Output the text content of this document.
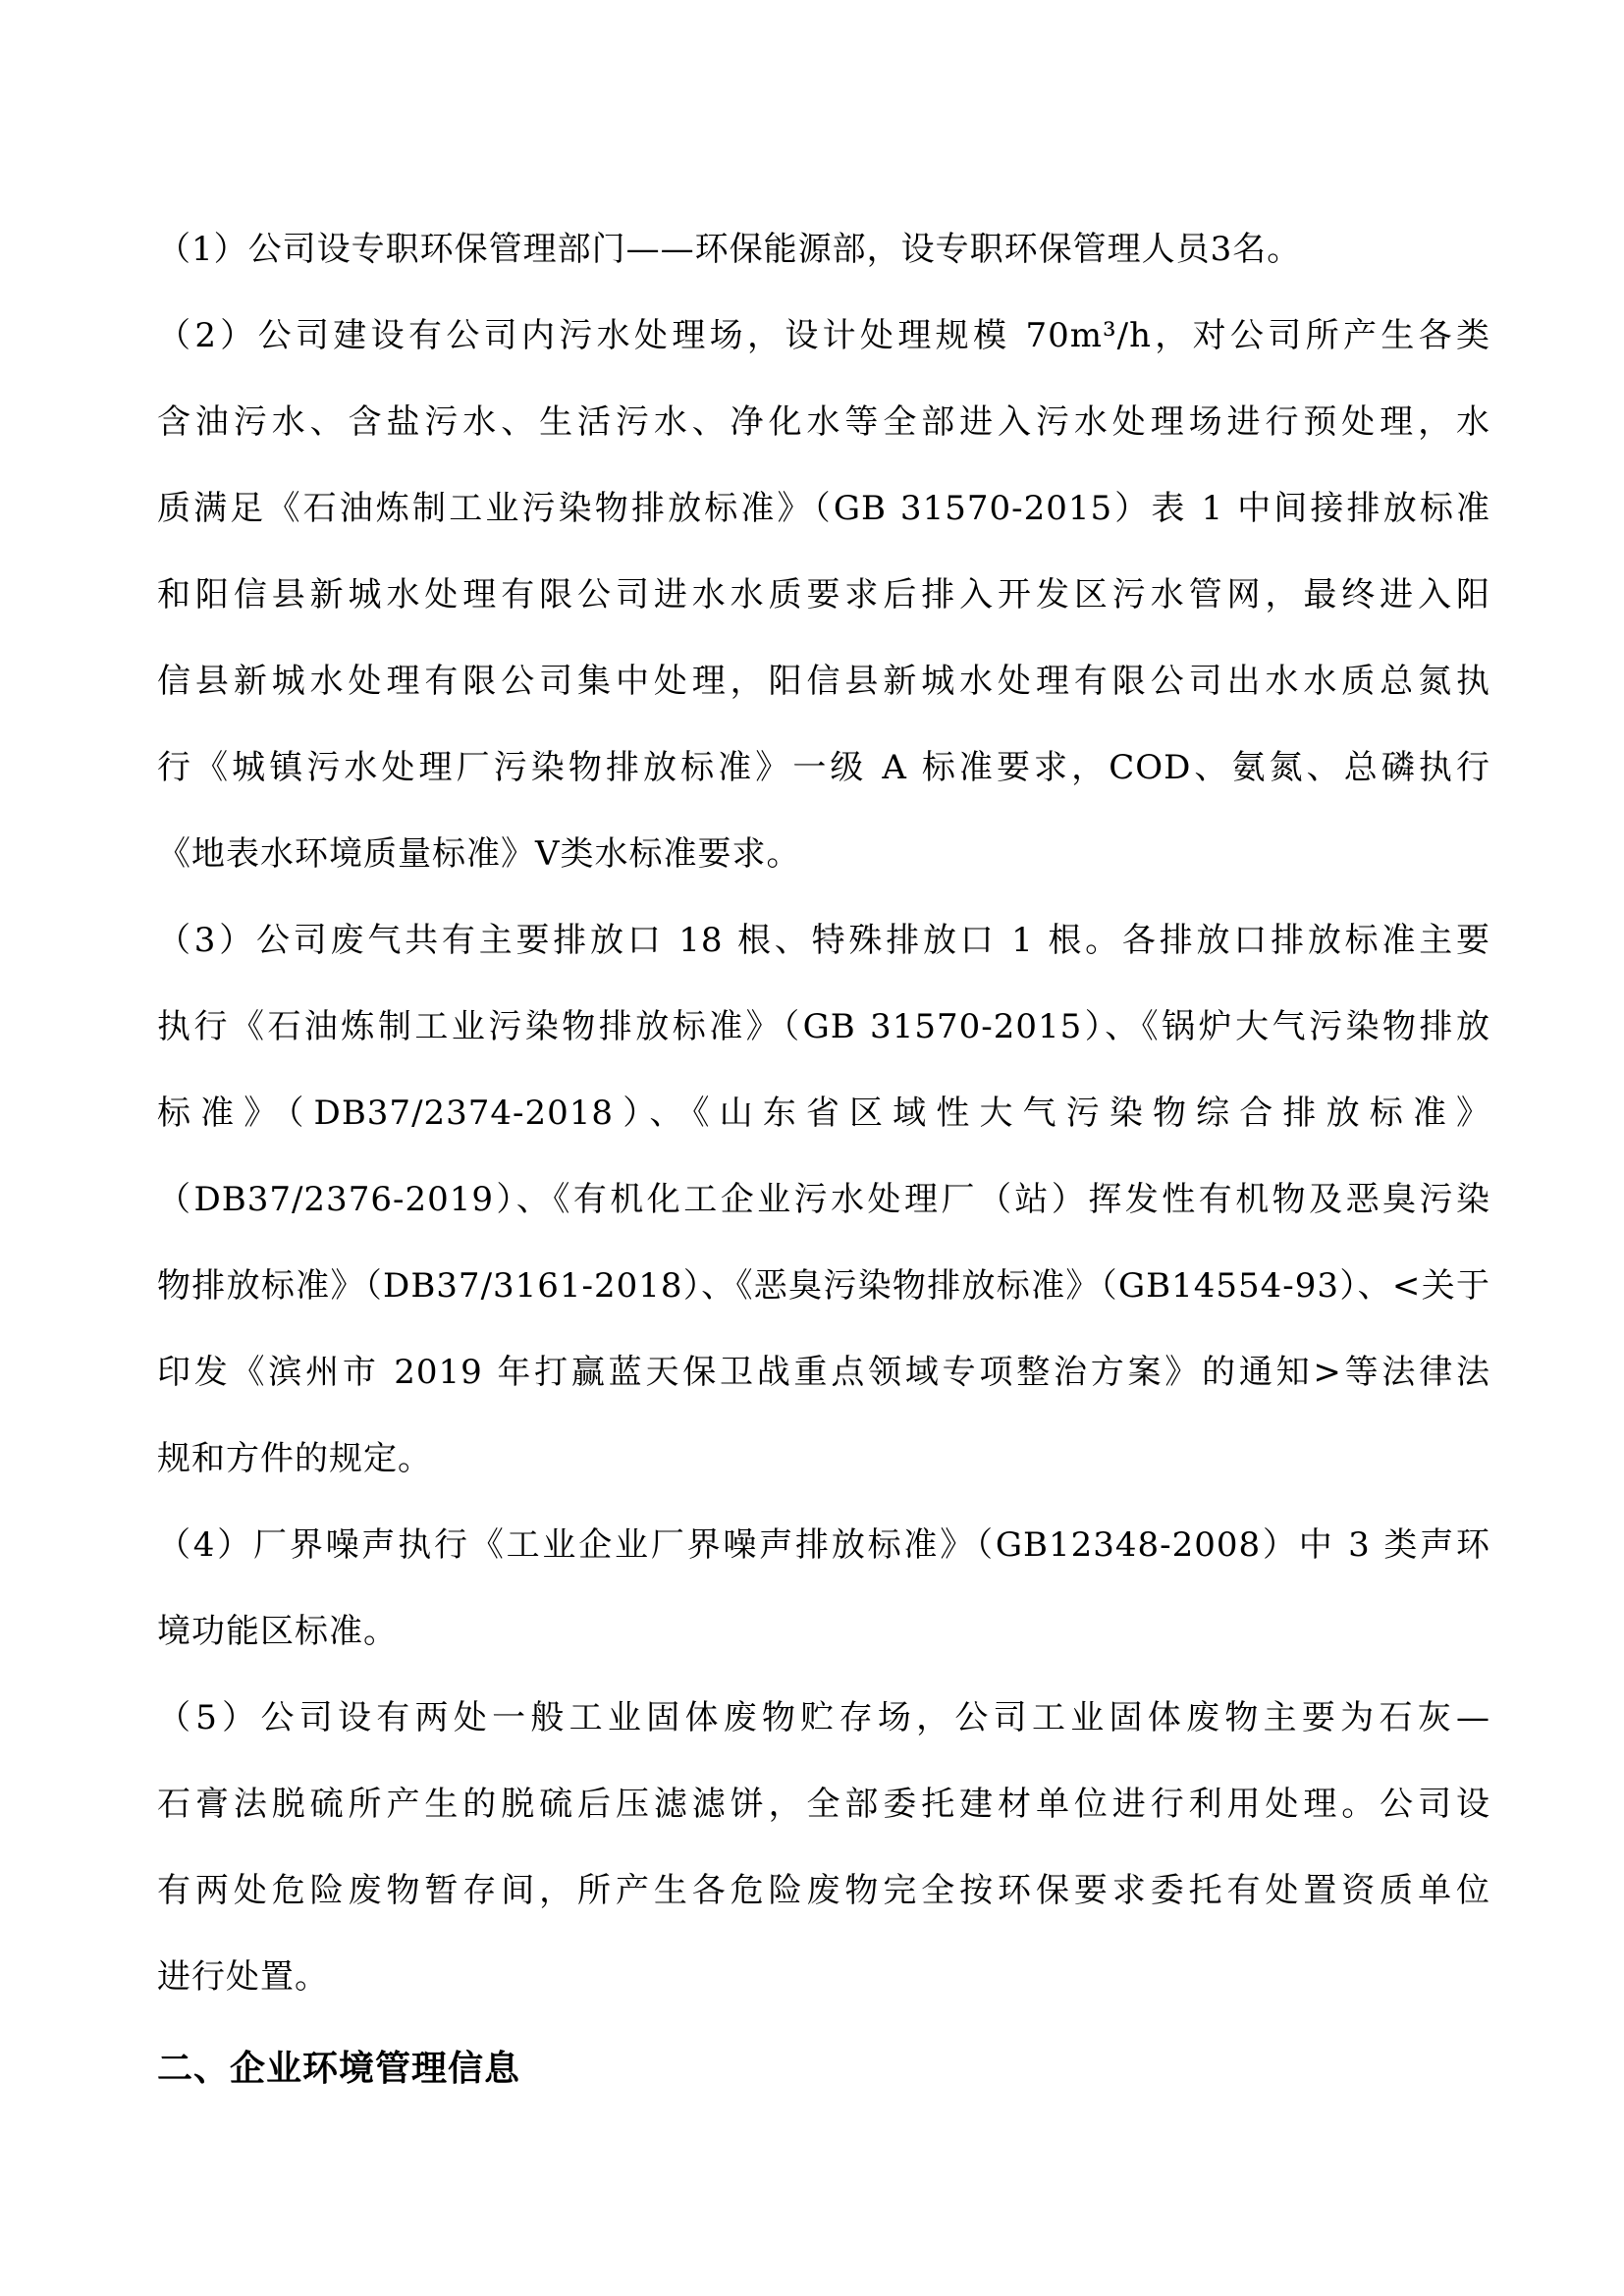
（1）公司设专职环保管理部门——环保能源部，设专职环保管理人员3名。
（2）公司建设有公司内污水处理场，设计处理规模 70m³/h，对公司所产生各类
含油污水、含盐污水、生活污水、净化水等全部进入污水处理场进行预处理，水
质满足《石油炼制工业污染物排放标准》（GB 31570-2015）表 1 中间接排放标准
和阳信县新城水处理有限公司进水水质要求后排入开发区污水管网，最终进入阳
信县新城水处理有限公司集中处理，阳信县新城水处理有限公司出水水质总氮执
行《城镇污水处理厂污染物排放标准》一级 A 标准要求，COD、氨氮、总磷执行
《地表水环境质量标准》Ⅴ类水标准要求。
（3）公司废气共有主要排放口 18 根、特殊排放口 1 根。各排放口排放标准主要
执行《石油炼制工业污染物排放标准》（GB 31570-2015）、《锅炉大气污染物排放
标准》（DB37/2374-2018）、《山东省区域性大气污染物综合排放标准》
（DB37/2376-2019）、《有机化工企业污水处理厂（站）挥发性有机物及恶臭污染
物排放标准》（DB37/3161-2018）、《恶臭污染物排放标准》（GB14554-93）、<关于
印发《滨州市 2019 年打赢蓝天保卫战重点领域专项整治方案》的通知>等法律法
规和方件的规定。
（4）厂界噪声执行《工业企业厂界噪声排放标准》（GB12348-2008）中 3 类声环
境功能区标准。
（5）公司设有两处一般工业固体废物贮存场，公司工业固体废物主要为石灰—
石膏法脱硫所产生的脱硫后压滤滤饼，全部委托建材单位进行利用处理。公司设
有两处危险废物暂存间，所产生各危险废物完全按环保要求委托有处置资质单位
进行处置。
二、企业环境管理信息
